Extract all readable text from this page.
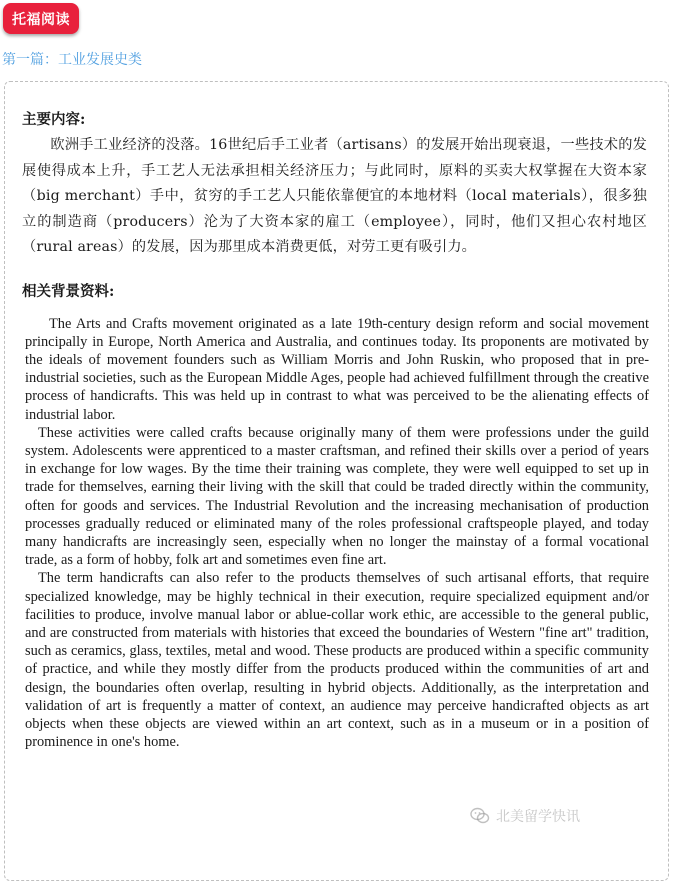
托福阅读
第一篇：工业发展史类
主要内容:

欧洲手工业经济的没落。16世纪后手工业者（artisans）的发展开始出现衰退，一些技术的发展使得成本上升，手工艺人无法承担相关经济压力；与此同时，原料的买卖大权掌握在大资本家（big merchant）手中，贫穷的手工艺人只能依靠便宜的本地材料（local materials），很多独立的制造商（producers）沦为了大资本家的雇工（employee），同时，他们又担心农村地区（rural areas）的发展，因为那里成本消费更低，对劳工更有吸引力。

相关背景资料:

The Arts and Crafts movement originated as a late 19th-century design reform and social movement principally in Europe, North America and Australia, and continues today. Its proponents are motivated by the ideals of movement founders such as William Morris and John Ruskin, who proposed that in pre-industrial societies, such as the European Middle Ages, people had achieved fulfillment through the creative process of handicrafts. This was held up in contrast to what was perceived to be the alienating effects of industrial labor.

These activities were called crafts because originally many of them were professions under the guild system. Adolescents were apprenticed to a master craftsman, and refined their skills over a period of years in exchange for low wages. By the time their training was complete, they were well equipped to set up in trade for themselves, earning their living with the skill that could be traded directly within the community, often for goods and services. The Industrial Revolution and the increasing mechanisation of production processes gradually reduced or eliminated many of the roles professional craftspeople played, and today many handicrafts are increasingly seen, especially when no longer the mainstay of a formal vocational trade, as a form of hobby, folk art and sometimes even fine art.

The term handicrafts can also refer to the products themselves of such artisanal efforts, that require specialized knowledge, may be highly technical in their execution, require specialized equipment and/or facilities to produce, involve manual labor or ablue-collar work ethic, are accessible to the general public, and are constructed from materials with histories that exceed the boundaries of Western "fine art" tradition, such as ceramics, glass, textiles, metal and wood. These products are produced within a specific community of practice, and while they mostly differ from the products produced within the communities of art and design, the boundaries often overlap, resulting in hybrid objects. Additionally, as the interpretation and validation of art is frequently a matter of context, an audience may perceive handicrafted objects as art objects when these objects are viewed within an art context, such as in a museum or in a position of prominence in one's home.

北美留学快讯
